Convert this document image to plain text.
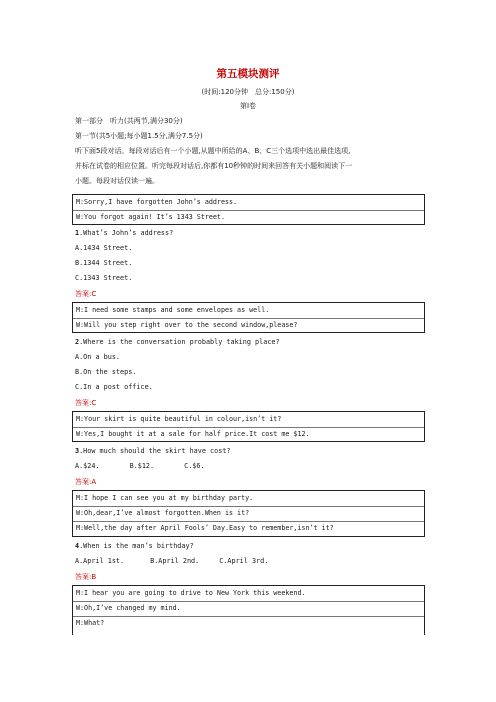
第五模块测评
(时间:120分钟　总分:150分)
第Ⅰ卷
第一部分　听力(共两节,满分30分)
第一节(共5小题;每小题1.5分,满分7.5分)
听下面5段对话。每段对话后有一个小题,从题中所给的A、B、C三个选项中选出最佳选项,
并标在试卷的相应位置。听完每段对话后,你都有10秒钟的时间来回答有关小题和阅读下一
小题。每段对话仅读一遍。
M:Sorry,I have forgotten John’s address.
W:You forgot again! It’s 1343 Street.
1.What’s John’s address?
A.1434 Street.
B.1344 Street.
C.1343 Street.
答案:C
M:I need some stamps and some envelopes as well.
W:Will you step right over to the second window,please?
2.Where is the conversation probably taking place?
A.On a bus.
B.On the steps.
C.In a post office.
答案:C
M:Your skirt is quite beautiful in colour,isn’t it?
W:Yes,I bought it at a sale for half price.It cost me $12.
3.How much should the skirt have cost?
A.$24.	B.$12.	C.$6.
答案:A
M:I hope I can see you at my birthday party.
W:Oh,dear,I’ve almost forgotten.When is it?
M:Well,the day after April Fools’ Day.Easy to remember,isn’t it?
4.When is the man’s birthday?
A.April 1st.	B.April 2nd.	C.April 3rd.
答案:B
M:I hear you are going to drive to New York this weekend.
W:Oh,I’ve changed my mind.
M:What?
